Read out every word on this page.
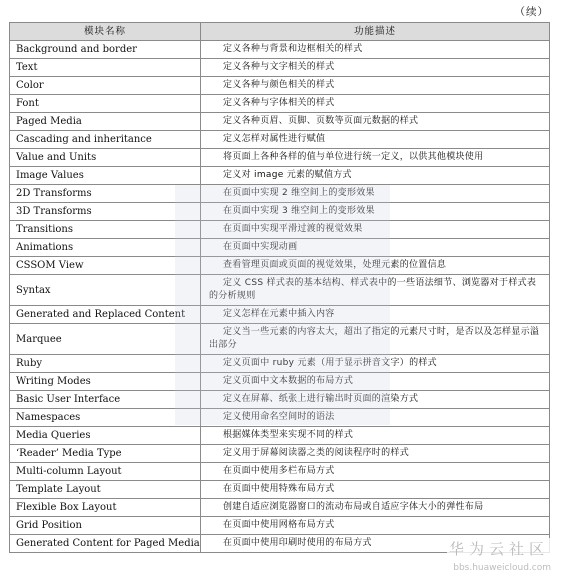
（续）
模块名称	功能描述
Background and border	定义各种与背景和边框相关的样式
Text	定义各种与文字相关的样式
Color	定义各种与颜色相关的样式
Font	定义各种与字体相关的样式
Paged Media	定义各种页眉、页脚、页数等页面元数据的样式
Cascading and inheritance	定义怎样对属性进行赋值
Value and Units	将页面上各种各样的值与单位进行统一定义，以供其他模块使用
Image Values	定义对 image 元素的赋值方式
2D Transforms	在页面中实现 2 维空间上的变形效果
3D Transforms	在页面中实现 3 维空间上的变形效果
Transitions	在页面中实现平滑过渡的视觉效果
Animations	在页面中实现动画
CSSOM View	查看管理页面或页面的视觉效果，处理元素的位置信息
Syntax	定义 CSS 样式表的基本结构、样式表中的一些语法细节、浏览器对于样式表的分析规则
Generated and Replaced Content	定义怎样在元素中插入内容
Marquee	定义当一些元素的内容太大，超出了指定的元素尺寸时，是否以及怎样显示溢出部分
Ruby	定义页面中 ruby 元素（用于显示拼音文字）的样式
Writing Modes	定义页面中文本数据的布局方式
Basic User Interface	定义在屏幕、纸张上进行输出时页面的渲染方式
Namespaces	定义使用命名空间时的语法
Media Queries	根据媒体类型来实现不同的样式
‘Reader’ Media Type	定义用于屏幕阅读器之类的阅读程序时的样式
Multi-column Layout	在页面中使用多栏布局方式
Template Layout	在页面中使用特殊布局方式
Flexible Box Layout	创建自适应浏览器窗口的流动布局或自适应字体大小的弹性布局
Grid Position	在页面中使用网格布局方式
Generated Content for Paged Media	在页面中使用印刷时使用的布局方式	华为云社区
bbs.huaweicloud.com
